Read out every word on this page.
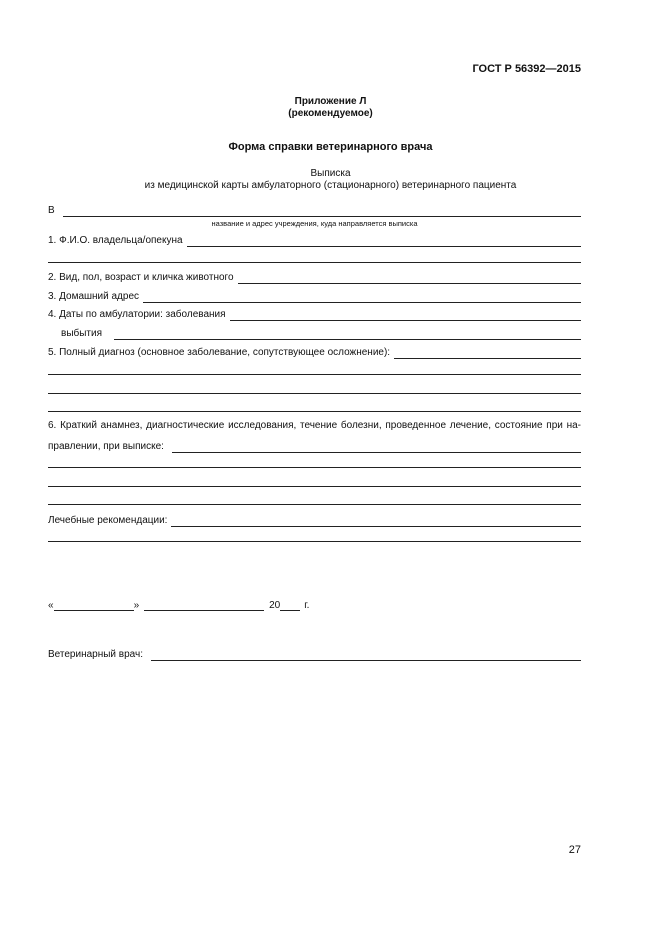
ГОСТ Р 56392—2015
Приложение Л
(рекомендуемое)
Форма справки ветеринарного врача
Выписка
из медицинской карты амбулаторного (стационарного) ветеринарного пациента
В
название и адрес учреждения, куда направляется выписка
1. Ф.И.О. владельца/опекуна
2. Вид, пол, возраст и кличка животного
3. Домашний адрес
4. Даты по амбулатории: заболевания
выбытия
5. Полный диагноз (основное заболевание, сопутствующее осложнение):
6. Краткий анамнез, диагностические исследования, течение болезни, проведенное лечение, состояние при на-
правлении, при выписке:
Лечебные рекомендации:
«	»	20 г.
Ветеринарный врач:
27
